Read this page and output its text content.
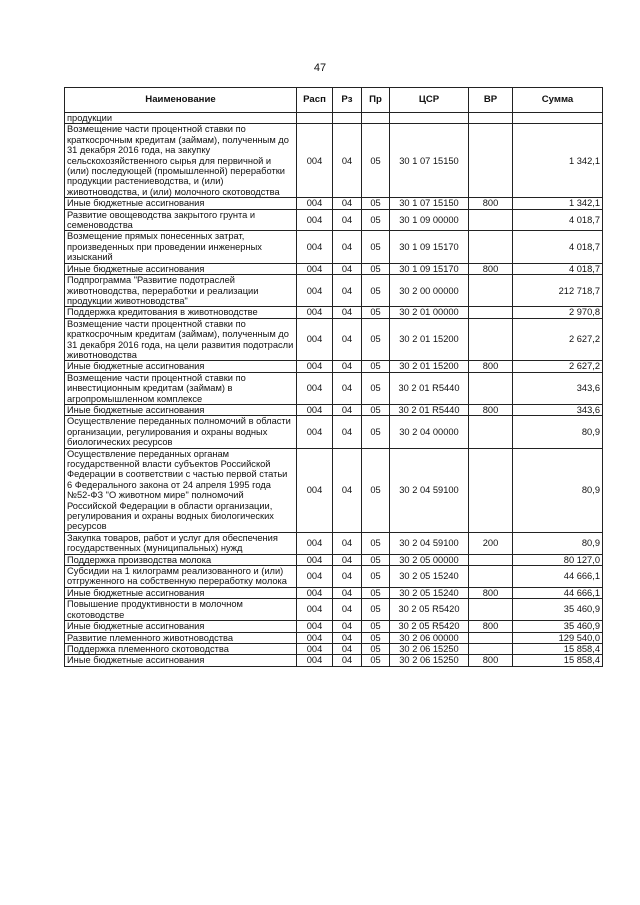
47
Наименование	Расп	Рз	Пр	ЦСР	ВР	Сумма
продукции						
Возмещение части процентной ставки по краткосрочным кредитам (займам), полученным до 31 декабря 2016 года, на закупку сельскохозяйственного сырья для первичной и (или) последующей (промышленной) переработки продукции растениеводства, и (или) животноводства, и (или) молочного скотоводства	004	04	05	30 1 07 15150		1 342,1
Иные бюджетные ассигнования	004	04	05	30 1 07 15150	800	1 342,1
Развитие овощеводства закрытого грунта и семеноводства	004	04	05	30 1 09 00000		4 018,7
Возмещение прямых понесенных затрат, произведенных при проведении инженерных изысканий	004	04	05	30 1 09 15170		4 018,7
Иные бюджетные ассигнования	004	04	05	30 1 09 15170	800	4 018,7
Подпрограмма "Развитие подотраслей животноводства, переработки и реализации продукции животноводства"	004	04	05	30 2 00 00000		212 718,7
Поддержка кредитования в животноводстве	004	04	05	30 2 01 00000		2 970,8
Возмещение части процентной ставки по краткосрочным кредитам (займам), полученным до 31 декабря 2016 года, на цели развития подотрасли животноводства	004	04	05	30 2 01 15200		2 627,2
Иные бюджетные ассигнования	004	04	05	30 2 01 15200	800	2 627,2
Возмещение части процентной ставки по инвестиционным кредитам (займам) в агропромышленном комплексе	004	04	05	30 2 01 R5440		343,6
Иные бюджетные ассигнования	004	04	05	30 2 01 R5440	800	343,6
Осуществление переданных полномочий в области организации, регулирования и охраны водных биологических ресурсов	004	04	05	30 2 04 00000		80,9
Осуществление переданных органам государственной власти субъектов Российской Федерации в соответствии с частью первой статьи 6 Федерального закона от 24 апреля 1995 года №52-ФЗ "О животном мире" полномочий Российской Федерации в области организации, регулирования и охраны водных биологических ресурсов	004	04	05	30 2 04 59100		80,9
Закупка товаров, работ и услуг для обеспечения государственных (муниципальных) нужд	004	04	05	30 2 04 59100	200	80,9
Поддержка производства молока	004	04	05	30 2 05 00000		80 127,0
Субсидии на 1 килограмм реализованного и (или) отгруженного на собственную переработку молока	004	04	05	30 2 05 15240		44 666,1
Иные бюджетные ассигнования	004	04	05	30 2 05 15240	800	44 666,1
Повышение продуктивности в молочном скотоводстве	004	04	05	30 2 05 R5420		35 460,9
Иные бюджетные ассигнования	004	04	05	30 2 05 R5420	800	35 460,9
Развитие племенного животноводства	004	04	05	30 2 06 00000		129 540,0
Поддержка племенного скотоводства	004	04	05	30 2 06 15250		15 858,4
Иные бюджетные ассигнования	004	04	05	30 2 06 15250	800	15 858,4
